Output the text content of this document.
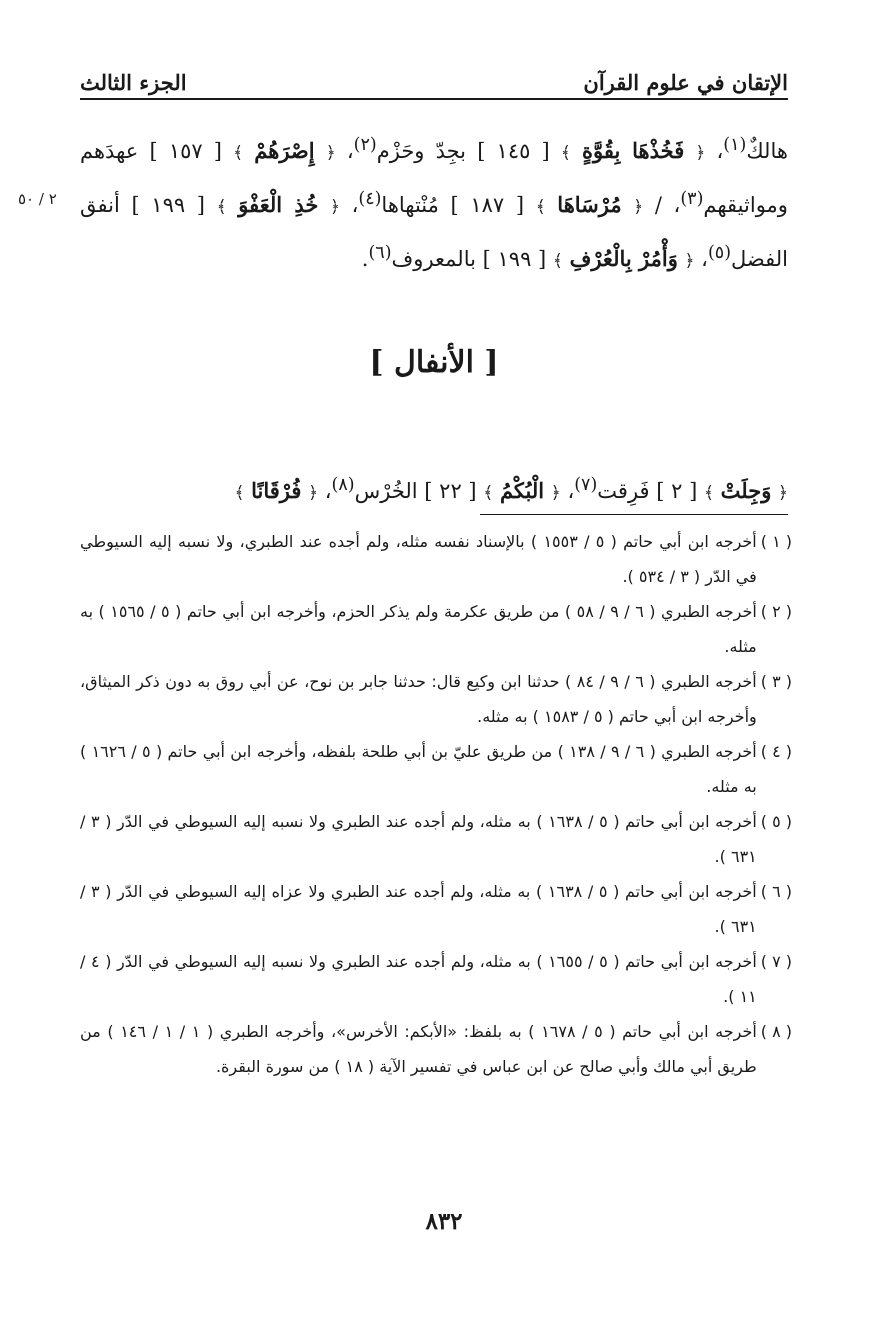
الإتقان في علوم القرآن
الجزء الثالث
هالكٌ$^{(١)}$، ﴿ فَخُذْهَا بِقُوَّةٍ ﴾ [ ١٤٥ ] بجِدّ وحَزْم$^{(٢)}$، ﴿ إِصْرَهُمْ ﴾ [ ١٥٧ ] عهدَهم ومواثيقهم$^{(٣)}$، / ﴿ مُرْسَاهَا ﴾ [ ١٨٧ ] مُنْتهاها$^{(٤)}$، ﴿ خُذِ الْعَفْوَ ﴾ [ ١٩٩ ] أنفق الفضل$^{(٥)}$، ﴿ وَأْمُرْ بِالْعُرْفِ ﴾ [ ١٩٩ ] بالمعروف$^{(٦)}$.
٢ / ٥٠
[ الأنفال ]
﴿ وَجِلَتْ ﴾ [ ٢ ] فَرِقت$^{(٧)}$، ﴿ الْبُكْمُ ﴾ [ ٢٢ ] الخُرْس$^{(٨)}$، ﴿ فُرْقَانًا ﴾
( ١ )
أخرجه ابن أبي حاتم ( ٥ / ١٥٥٣ ) بالإسناد نفسه مثله، ولم أجده عند الطبري، ولا نسبه إليه السيوطي في الدّر ( ٣ / ٥٣٤ ).
( ٢ )
أخرجه الطبري ( ٦ / ٩ / ٥٨ ) من طريق عكرمة ولم يذكر الحزم، وأخرجه ابن أبي حاتم ( ٥ / ١٥٦٥ ) به مثله.
( ٣ )
أخرجه الطبري ( ٦ / ٩ / ٨٤ ) حدثنا ابن وكيع قال: حدثنا جابر بن نوح، عن أبي روق به دون ذكر الميثاق، وأخرجه ابن أبي حاتم ( ٥ / ١٥٨٣ ) به مثله.
( ٤ )
أخرجه الطبري ( ٦ / ٩ / ١٣٨ ) من طريق عليّ بن أبي طلحة بلفظه، وأخرجه ابن أبي حاتم ( ٥ / ١٦٢٦ ) به مثله.
( ٥ )
أخرجه ابن أبي حاتم ( ٥ / ١٦٣٨ ) به مثله، ولم أجده عند الطبري ولا نسبه إليه السيوطي في الدّر ( ٣ / ٦٣١ ).
( ٦ )
أخرجه ابن أبي حاتم ( ٥ / ١٦٣٨ ) به مثله، ولم أجده عند الطبري ولا عزاه إليه السيوطي في الدّر ( ٣ / ٦٣١ ).
( ٧ )
أخرجه ابن أبي حاتم ( ٥ / ١٦٥٥ ) به مثله، ولم أجده عند الطبري ولا نسبه إليه السيوطي في الدّر ( ٤ / ١١ ).
( ٨ )
أخرجه ابن أبي حاتم ( ٥ / ١٦٧٨ ) به بلفظ: «الأبكم: الأخرس»، وأخرجه الطبري ( ١ / ١ / ١٤٦ ) من طريق أبي مالك وأبي صالح عن ابن عباس في تفسير الآية ( ١٨ ) من سورة البقرة.
٨٣٢
